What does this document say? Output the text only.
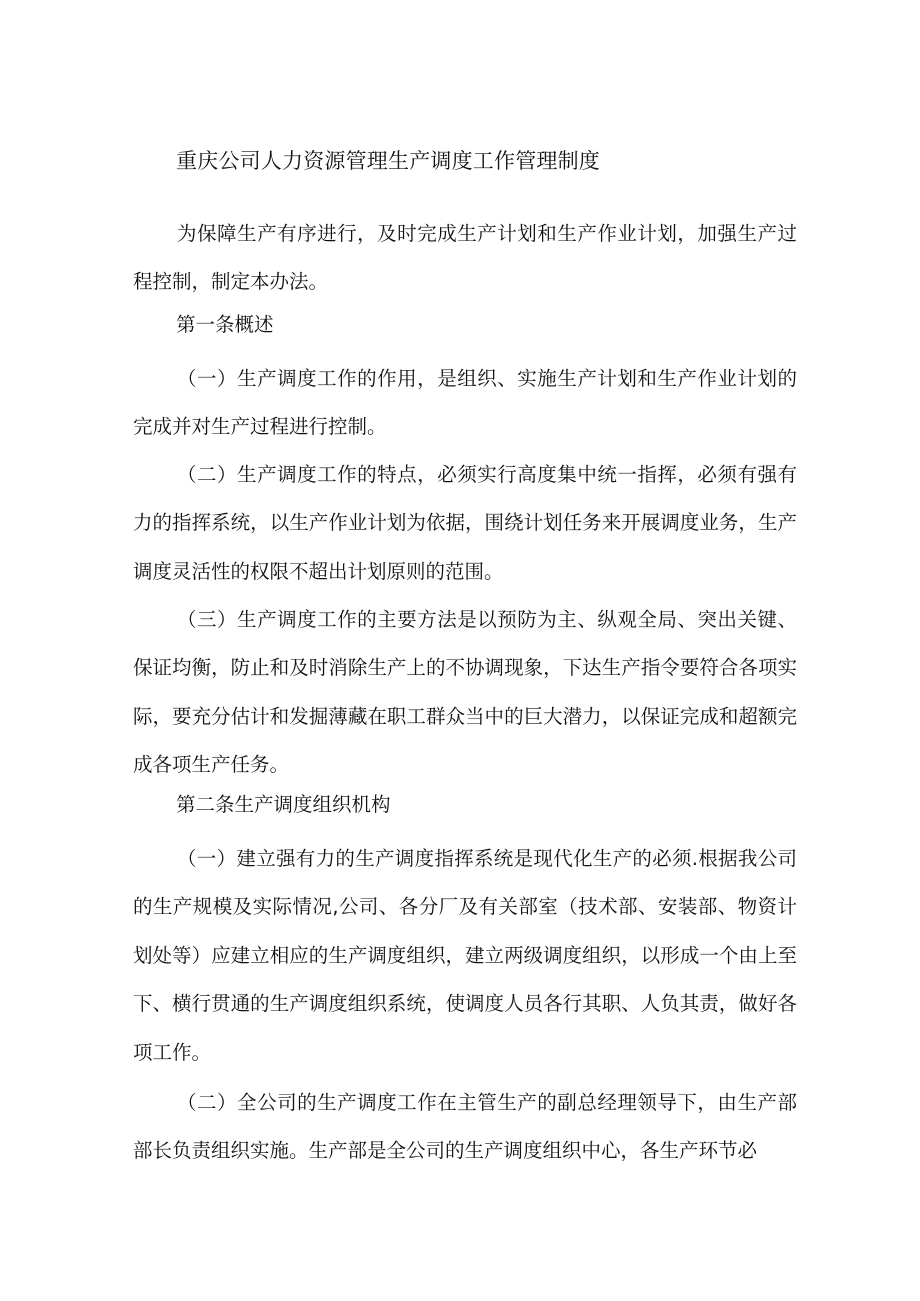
重庆公司人力资源管理生产调度工作管理制度

为保障生产有序进行，及时完成生产计划和生产作业计划，加强生产过程控制，制定本办法。

第一条概述

（一）生产调度工作的作用，是组织、实施生产计划和生产作业计划的完成并对生产过程进行控制。

（二）生产调度工作的特点，必须实行高度集中统一指挥，必须有强有力的指挥系统，以生产作业计划为依据，围绕计划任务来开展调度业务，生产调度灵活性的权限不超出计划原则的范围。

（三）生产调度工作的主要方法是以预防为主、纵观全局、突出关键、保证均衡，防止和及时消除生产上的不协调现象，下达生产指令要符合各项实际，要充分估计和发掘薄藏在职工群众当中的巨大潜力，以保证完成和超额完成各项生产任务。

第二条生产调度组织机构

（一）建立强有力的生产调度指挥系统是现代化生产的必须.根据我公司的生产规模及实际情况,公司、各分厂及有关部室（技术部、安装部、物资计划处等）应建立相应的生产调度组织，建立两级调度组织，以形成一个由上至下、横行贯通的生产调度组织系统，使调度人员各行其职、人负其责，做好各项工作。

（二）全公司的生产调度工作在主管生产的副总经理领导下，由生产部部长负责组织实施。生产部是全公司的生产调度组织中心，各生产环节必
